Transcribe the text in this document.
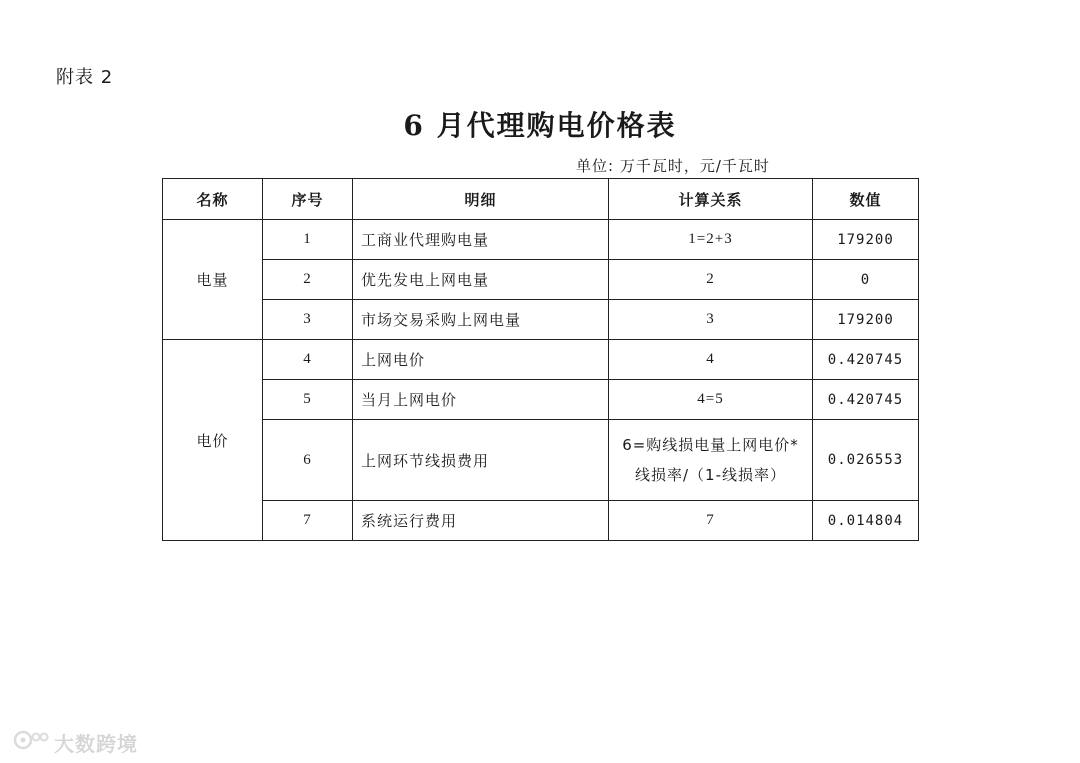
附表 2
6 月代理购电价格表
单位: 万千瓦时，元/千瓦时
名称	序号	明细	计算关系	数值
电量	1	工商业代理购电量	1=2+3	179200
	2	优先发电上网电量	2	0
	3	市场交易采购上网电量	3	179200
电价	4	上网电价	4	0.420745
	5	当月上网电价	4=5	0.420745
	6	上网环节线损费用	6=购线损电量上网电价*
线损率/（1-线损率）	0.026553
	7	系统运行费用	7	0.014804
大数跨境
